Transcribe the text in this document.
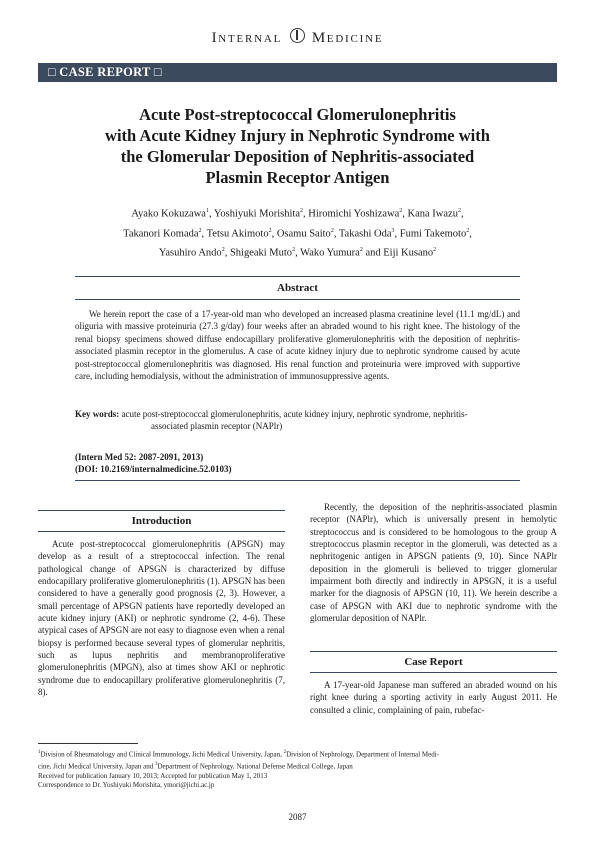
INTERNAL MEDICINE
□ CASE REPORT □
Acute Post-streptococcal Glomerulonephritis
with Acute Kidney Injury in Nephrotic Syndrome with
the Glomerular Deposition of Nephritis-associated
Plasmin Receptor Antigen
Ayako Kokuzawa$^1$, Yoshiyuki Morishita$^2$, Hiromichi Yoshizawa$^2$, Kana Iwazu$^2$,
Takanori Komada$^2$, Tetsu Akimoto$^2$, Osamu Saito$^2$, Takashi Oda$^3$, Fumi Takemoto$^2$,
Yasuhiro Ando$^2$, Shigeaki Muto$^2$, Wako Yumura$^2$ and Eiji Kusano$^2$
Abstract
We herein report the case of a 17-year-old man who developed an increased plasma creatinine level (11.1 mg/dL) and oliguria with massive proteinuria (27.3 g/day) four weeks after an abraded wound to his right knee. The histology of the renal biopsy specimens showed diffuse endocapillary proliferative glomerulonephritis with the deposition of nephritis-associated plasmin receptor in the glomerulus. A case of acute kidney injury due to nephrotic syndrome caused by acute post-streptococcal glomerulonephritis was diagnosed. His renal function and proteinuria were improved with supportive care, including hemodialysis, without the administration of immunosuppressive agents.
Key words: acute post-streptococcal glomerulonephritis, acute kidney injury, nephrotic syndrome, nephritis-
associated plasmin receptor (NAPlr)
(Intern Med 52: 2087-2091, 2013)
(DOI: 10.2169/internalmedicine.52.0103)
Introduction

Acute post-streptococcal glomerulonephritis (APSGN) may develop as a result of a streptococcal infection. The renal pathological change of APSGN is characterized by diffuse endocapillary proliferative glomerulonephritis (1). APSGN has been considered to have a generally good prognosis (2, 3). However, a small percentage of APSGN patients have reportedly developed an acute kidney injury (AKI) or nephrotic syndrome (2, 4-6). These atypical cases of APSGN are not easy to diagnose even when a renal biopsy is performed because several types of glomerular nephritis, such as lupus nephritis and membranoproliferative glomerulonephritis (MPGN), also at times show AKI or nephrotic syndrome due to endocapillary proliferative glomerulonephritis (7, 8).

Recently, the deposition of the nephritis-associated plasmin receptor (NAPlr), which is universally present in hemolytic streptococcus and is considered to be homologous to the group A streptococcus plasmin receptor in the glomeruli, was detected as a nephritogenic antigen in APSGN patients (9, 10). Since NAPlr deposition in the glomeruli is believed to trigger glomerular impairment both directly and indirectly in APSGN, it is a useful marker for the diagnosis of APSGN (10, 11). We herein describe a case of APSGN with AKI due to nephrotic syndrome with the glomerular deposition of NAPlr.

Case Report

A 17-year-old Japanese man suffered an abraded wound on his right knee during a sporting activity in early August 2011. He consulted a clinic, complaining of pain, rubefac-

$^1$Division of Rheumatology and Clinical Immunology, Jichi Medical University, Japan, $^2$Division of Nephrology, Department of Internal Medi-
cine, Jichi Medical University, Japan and $^3$Department of Nephrology, National Defense Medical College, Japan
Received for publication January 10, 2013; Accepted for publication May 1, 2013
Correspondence to Dr. Yoshiyuki Morishita, ymori@jichi.ac.jp
2087
